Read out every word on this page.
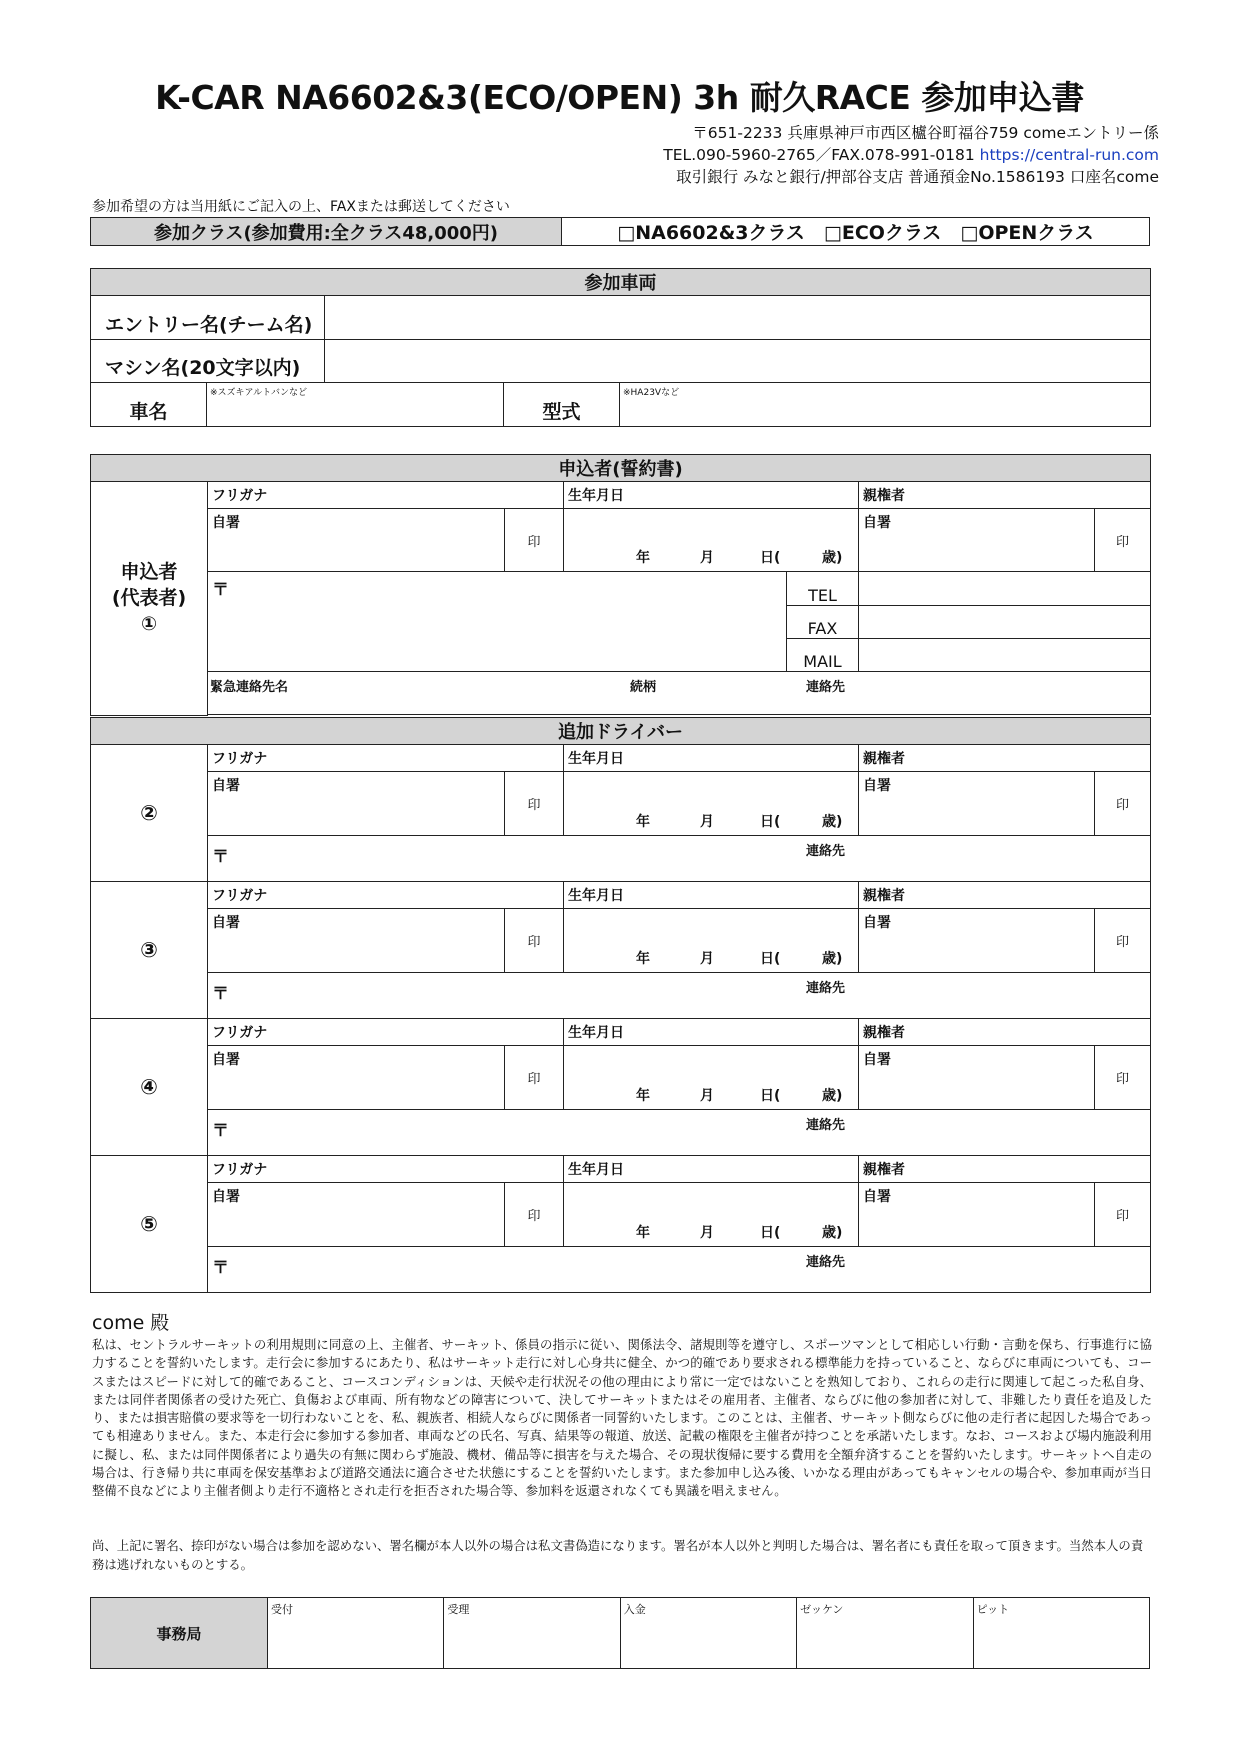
K-CAR NA6602&3(ECO/OPEN) 3h 耐久RACE 参加申込書
〒651-2233 兵庫県神戸市西区櫨谷町福谷759 comeエントリー係
TEL.090-5960-2765／FAX.078-991-0181 https://central-run.com
取引銀行 みなと銀行/押部谷支店 普通預金No.1586193 口座名come
参加希望の方は当用紙にご記入の上、FAXまたは郵送してください
参加クラス(参加費用:全クラス48,000円)	□NA6602&3クラス　□ECOクラス　□OPENクラス
参加車両				
エントリー名(チーム名)				
マシン名(20文字以内)				
車名	※スズキアルトバンなど		型式	※HA23Vなど
申込者(誓約書)						

申込者
(代表者)
①	フリガナ		生年月日		親権者	
	自署	印	年 月 日( 歳)		自署	印
	〒			TEL		
				FAX		
				MAIL		

	緊急連絡先名 続柄 連絡先					

追加ドライバー					
②	フリガナ		生年月日	親権者	
	自署	印	年 月 日( 歳)	自署	印

	〒 連絡先				

③	フリガナ		生年月日	親権者	
	自署	印	年 月 日( 歳)	自署	印

	〒 連絡先				

④	フリガナ		生年月日	親権者	
	自署	印	年 月 日( 歳)	自署	印

	〒 連絡先				

⑤	フリガナ		生年月日	親権者	
	自署	印	年 月 日( 歳)	自署	印

	〒 連絡先				
come 殿
私は、セントラルサーキットの利用規則に同意の上、主催者、サーキット、係員の指示に従い、関係法令、諸規則等を遵守し、スポーツマンとして相応しい行動・言動を保ち、行事進行に協力することを誓約いたします。走行会に参加するにあたり、私はサーキット走行に対し心身共に健全、かつ的確であり要求される標準能力を持っていること、ならびに車両についても、コースまたはスピードに対して的確であること、コースコンディションは、天候や走行状況その他の理由により常に一定ではないことを熟知しており、これらの走行に関連して起こった私自身、または同伴者関係者の受けた死亡、負傷および車両、所有物などの障害について、決してサーキットまたはその雇用者、主催者、ならびに他の参加者に対して、非難したり責任を追及したり、または損害賠償の要求等を一切行わないことを、私、親族者、相続人ならびに関係者一同誓約いたします。このことは、主催者、サーキット側ならびに他の走行者に起因した場合であっても相違ありません。また、本走行会に参加する参加者、車両などの氏名、写真、結果等の報道、放送、記載の権限を主催者が持つことを承諾いたします。なお、コースおよび場内施設利用に擬し、私、または同伴関係者により過失の有無に関わらず施設、機材、備品等に損害を与えた場合、その現状復帰に要する費用を全額弁済することを誓約いたします。サーキットへ自走の場合は、行き帰り共に車両を保安基準および道路交通法に適合させた状態にすることを誓約いたします。また参加申し込み後、いかなる理由があってもキャンセルの場合や、参加車両が当日整備不良などにより主催者側より走行不適格とされ走行を拒否された場合等、参加料を返還されなくても異議を唱えません。
尚、上記に署名、捺印がない場合は参加を認めない、署名欄が本人以外の場合は私文書偽造になります。署名が本人以外と判明した場合は、署名者にも責任を取って頂きます。当然本人の責務は逃げれないものとする。
事務局	受付	受理	入金	ゼッケン	ピット
